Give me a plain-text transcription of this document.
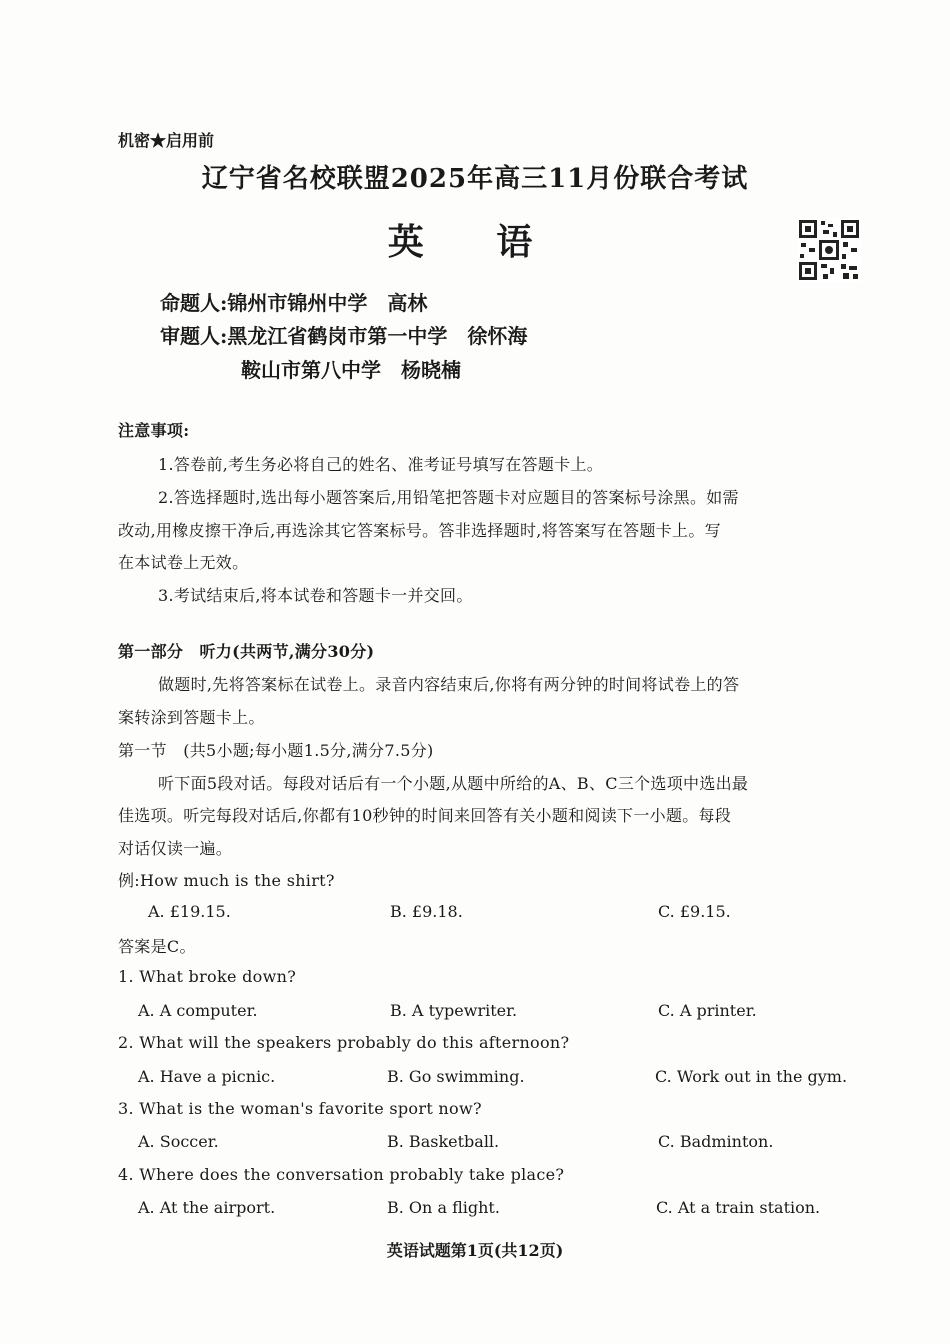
机密★启用前
辽宁省名校联盟2025年高三11月份联合考试
英 语
命题人:锦州市锦州中学　高林
审题人:黑龙江省鹤岗市第一中学　徐怀海
鞍山市第八中学　杨晓楠
注意事项:
1.答卷前,考生务必将自己的姓名、准考证号填写在答题卡上。
2.答选择题时,选出每小题答案后,用铅笔把答题卡对应题目的答案标号涂黑。如需
改动,用橡皮擦干净后,再选涂其它答案标号。答非选择题时,将答案写在答题卡上。写
在本试卷上无效。
3.考试结束后,将本试卷和答题卡一并交回。
第一部分　听力(共两节,满分30分)
做题时,先将答案标在试卷上。录音内容结束后,你将有两分钟的时间将试卷上的答
案转涂到答题卡上。
第一节　(共5小题;每小题1.5分,满分7.5分)
听下面5段对话。每段对话后有一个小题,从题中所给的A、B、C三个选项中选出最
佳选项。听完每段对话后,你都有10秒钟的时间来回答有关小题和阅读下一小题。每段
对话仅读一遍。
例:How much is the shirt?
A. £19.15.	B. £9.18.	C. £9.15.
答案是C。
1. What broke down?
A. A computer.	B. A typewriter.	C. A printer.
2. What will the speakers probably do this afternoon?
A. Have a picnic.	B. Go swimming.	C. Work out in the gym.
3. What is the woman's favorite sport now?
A. Soccer.	B. Basketball.	C. Badminton.
4. Where does the conversation probably take place?
A. At the airport.	B. On a flight.	C. At a train station.
英语试题第1页(共12页)
